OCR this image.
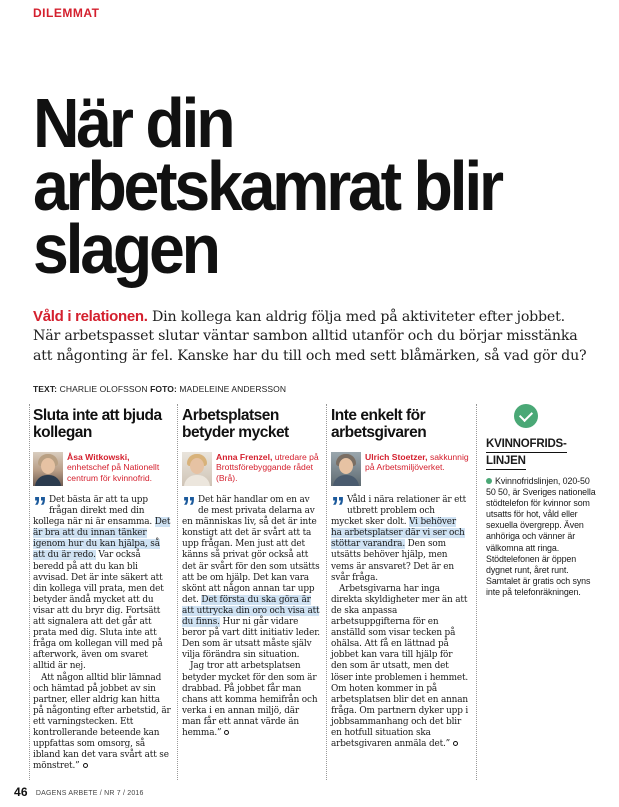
DILEMMAT
När din arbetskamrat blir slagen
Våld i relationen. Din kollega kan aldrig följa med på aktiviteter efter jobbet. När arbetspasset slutar väntar sambon alltid utanför och du börjar misstänka att någonting är fel. Kanske har du till och med sett blåmärken, så vad gör du?
TEXT: CHARLIE OLOFSSON FOTO: MADELEINE ANDERSSON
Sluta inte att bjuda kollegan
Åsa Witkowski, enhetschef på Nationellt centrum för kvinnofrid.

” Det bästa är att ta upp frågan direkt med din kollega när ni är ensamma. Det är bra att du innan tänker igenom hur du kan hjälpa, så att du är redo. Var också beredd på att du kan bli avvisad. Det är inte säkert att din kollega vill prata, men det betyder ändå mycket att du visar att du bryr dig. Fortsätt att signalera att det går att prata med dig. Sluta inte att fråga om kollegan vill med på afterwork, även om svaret alltid är nej.

Att någon alltid blir lämnad och hämtad på jobbet av sin partner, eller aldrig kan hitta på någonting efter arbetstid, är ett varningstecken. Ett kontrollerande beteende kan uppfattas som omsorg, så ibland kan det vara svårt att se mönstret.”

Arbetsplatsen betyder mycket
Anna Frenzel, utredare på Brottsförebyggande rådet (Brå).

” Det här handlar om en av de mest privata delarna av en människas liv, så det är inte konstigt att det är svårt att ta upp frågan. Men just att det känns så privat gör också att det är svårt för den som utsätts att be om hjälp. Det kan vara skönt att någon annan tar upp det. Det första du ska göra är att uttrycka din oro och visa att du finns. Hur ni går vidare beror på vart ditt initiativ leder. Den som är utsatt måste själv vilja förändra sin situation.

Jag tror att arbetsplatsen betyder mycket för den som är drabbad. På jobbet får man chans att komma hemifrån och verka i en annan miljö, där man får ett annat värde än hemma.”

Inte enkelt för arbetsgivaren
Ulrich Stoetzer, sakkunnig på Arbetsmiljöverket.

” Våld i nära relationer är ett utbrett problem och mycket sker dolt. Vi behöver ha arbetsplatser där vi ser och stöttar varandra. Den som utsätts behöver hjälp, men vems är ansvaret? Det är en svår fråga.

Arbetsgivarna har inga direkta skyldigheter mer än att de ska anpassa arbetsuppgifterna för en anställd som visar tecken på ohälsa. Att få en lättnad på jobbet kan vara till hjälp för den som är utsatt, men det löser inte problemen i hemmet. Om hoten kommer in på arbetsplatsen blir det en annan fråga. Om partnern dyker upp i jobbsammanhang och det blir en hotfull situation ska arbetsgivaren anmäla det.”

KVINNOFRIDS-
LINJEN
Kvinnofridslinjen, 020-50 50 50, är Sveriges nationella stödtelefon för kvinnor som utsatts för hot, våld eller sexuella övergrepp. Även anhöriga och vänner är välkomna att ringa. Stödtelefonen är öppen dygnet runt, året runt. Samtalet är gratis och syns inte på telefonräkningen.
46 DAGENS ARBETE / NR 7 / 2016
